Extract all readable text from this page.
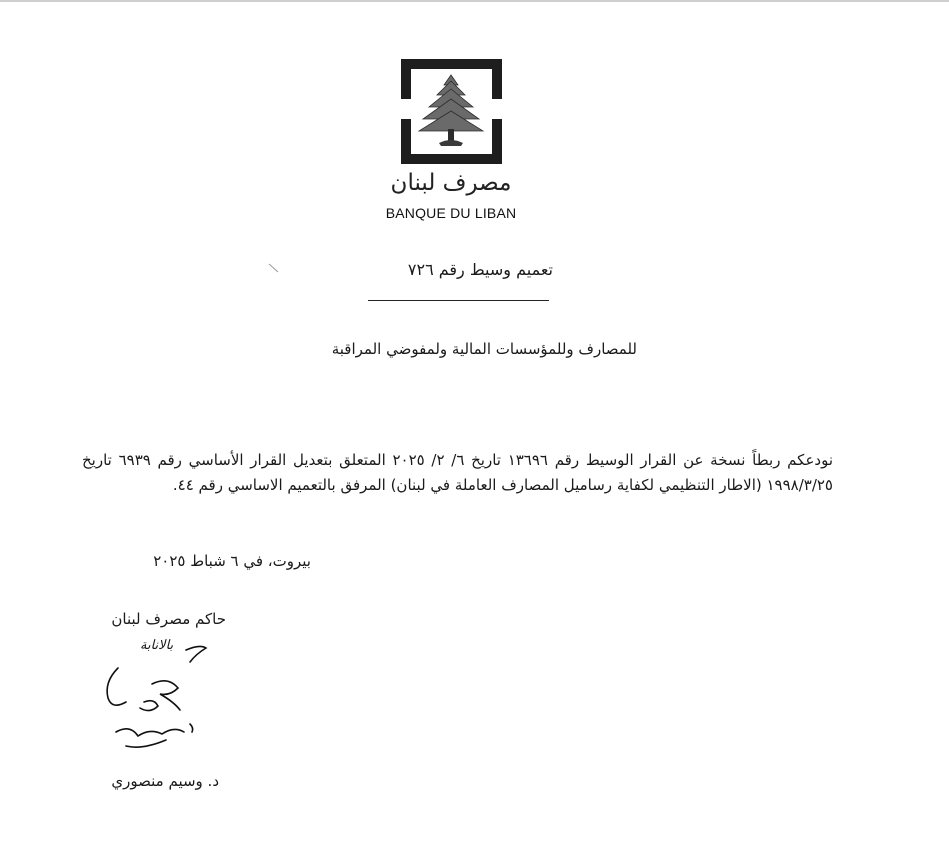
مصرف لبنان
BANQUE DU LIBAN
تعميم وسيط رقم ٧٢٦
للمصارف وللمؤسسات المالية ولمفوضي المراقبة
نودعكم ربطاً نسخة عن القرار الوسيط رقم ١٣٦٩٦ تاريخ ٦/ ٢/ ٢٠٢٥ المتعلق بتعديل القرار الأساسي رقم ٦٩٣٩ تاريخ ١٩٩٨/٣/٢٥ (الاطار التنظيمي لكفاية رساميل المصارف العاملة في لبنان) المرفق بالتعميم الاساسي رقم ٤٤.
بيروت، في ٦ شباط ٢٠٢٥
حاكم مصرف لبنان
بالانابة
د. وسيم منصوري
